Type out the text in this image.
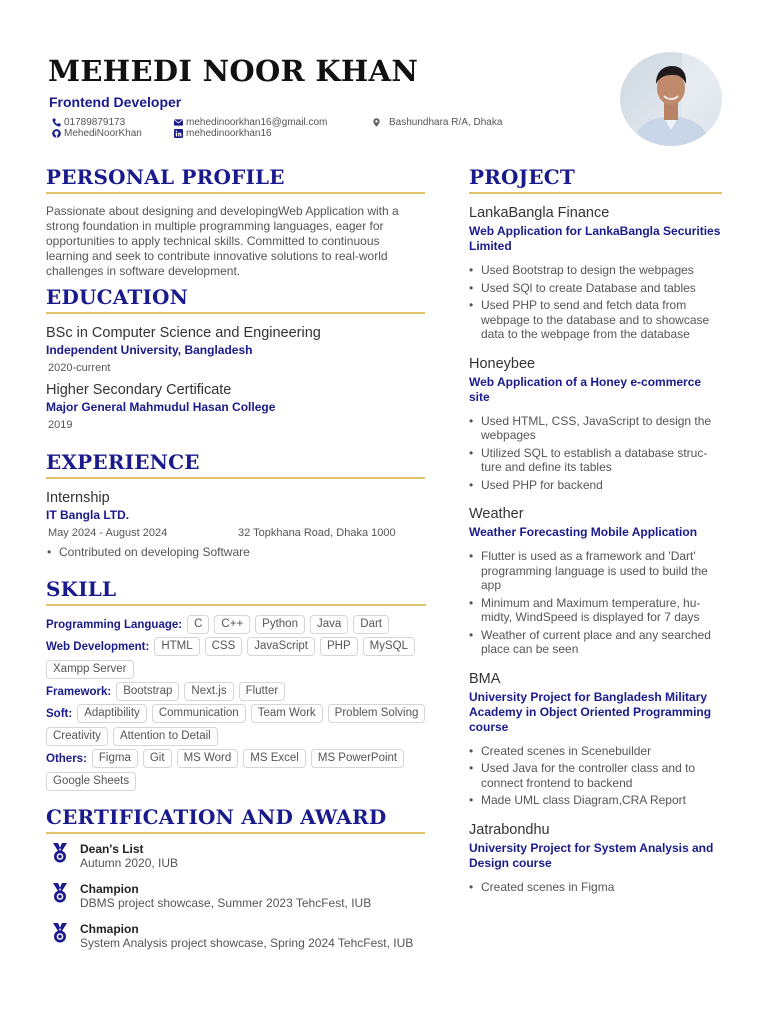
MEHEDI NOOR KHAN
Frontend Developer
01789879173
MehediNoorKhan
mehedinoorkhan16@gmail.com
mehedinoorkhan16
Bashundhara R/A, Dhaka
PERSONAL PROFILE

Passionate about designing and developingWeb Application with a strong foundation in multiple programming languages, eager for opportunities to apply technical skills. Committed to continuous learning and seek to contribute innovative solutions to real-world challenges in software development.

EDUCATION
BSc in Computer Science and Engineering
Independent University, Bangladesh
2020-current
Higher Secondary Certificate
Major General Mahmudul Hasan College
2019
EXPERIENCE
Internship
IT Bangla LTD.
May 2024 - August 2024	32 Topkhana Road, Dhaka 1000
• Contributed on developing Software
SKILL
Programming Language:	C	C++	Python	Java	Dart
Web Development:	HTML	CSS	JavaScript	PHP	MySQL
Xampp Server
Framework:	Bootstrap	Next.js	Flutter
Soft:	Adaptibility	Communication	Team Work	Problem Solving
Creativity	Attention to Detail
Others:	Figma	Git	MS Word	MS Excel	MS PowerPoint
Google Sheets
CERTIFICATION AND AWARD
Dean's List
Autumn 2020, IUB
Champion
DBMS project showcase, Summer 2023 TehcFest, IUB
Chmapion
System Analysis project showcase, Spring 2024 TehcFest, IUB
PROJECT
LankaBangla Finance
Web Application for LankaBangla Securities Limited
• Used Bootstrap to design the webpages
• Used SQl to create Database and tables
• Used PHP to send and fetch data from webpage to the database and to showcase data to the webpage from the database
Honeybee
Web Application of a Honey e-commerce site
• Used HTML, CSS, JavaScript to design the webpages
• Utilized SQL to establish a database struc-ture and define its tables
• Used PHP for backend
Weather
Weather Forecasting Mobile Application
• Flutter is used as a framework and 'Dart' programming language is used to build the app
• Minimum and Maximum temperature, hu-midty, WindSpeed is displayed for 7 days
• Weather of current place and any searched place can be seen
BMA
University Project for Bangladesh Military Academy in Object Oriented Programming course
• Created scenes in Scenebuilder
• Used Java for the controller class and to connect frontend to backend
• Made UML class Diagram,CRA Report
Jatrabondhu
University Project for System Analysis and Design course
• Created scenes in Figma
